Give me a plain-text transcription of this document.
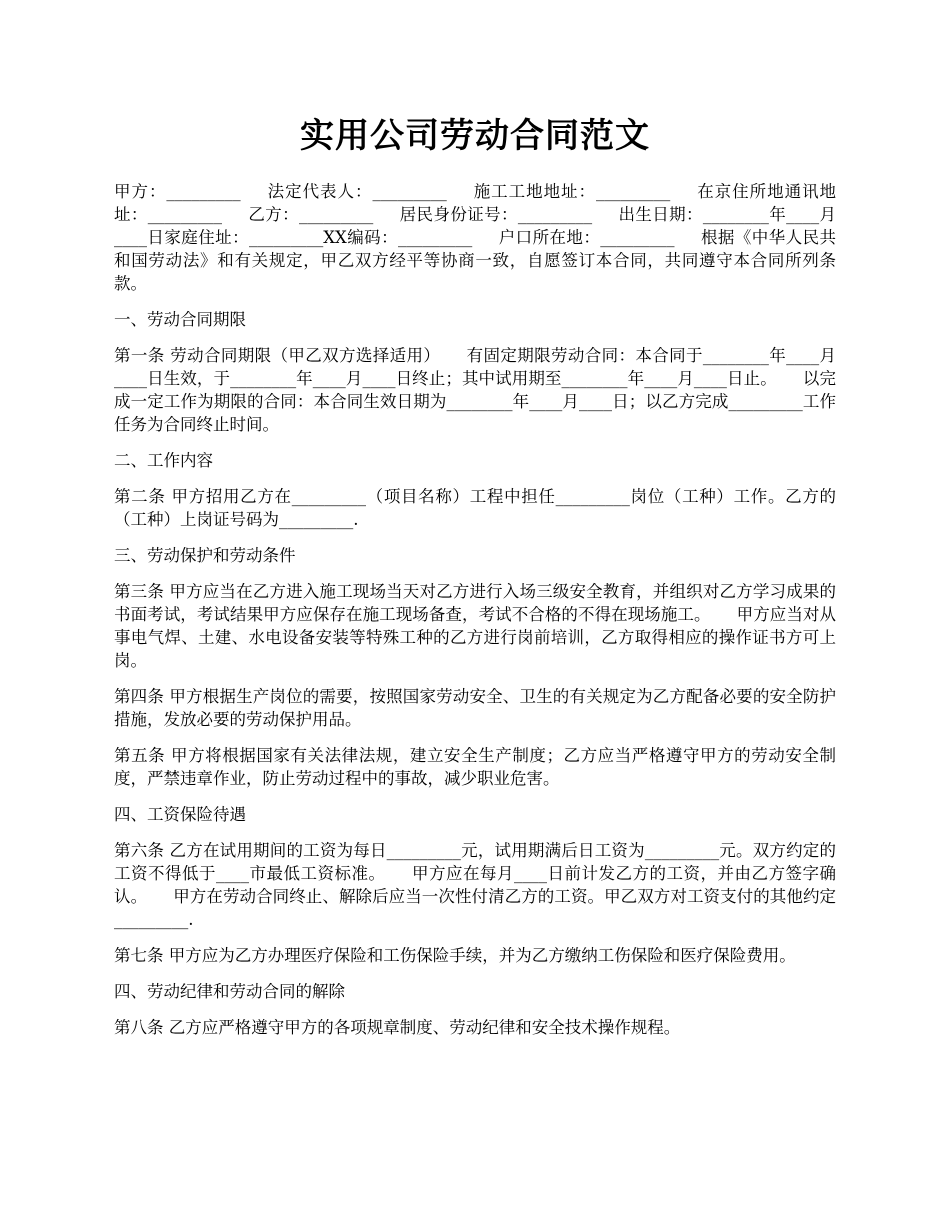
实用公司劳动合同范文
甲方：_________ 法定代表人：_________ 施工工地地址：_________ 在京住所地通讯地址：_________ 乙方：_________ 居民身份证号：_________ 出生日期：________年____月____日家庭住址：_________XX编码：_________ 户口所在地：_________ 根据《中华人民共和国劳动法》和有关规定，甲乙双方经平等协商一致，自愿签订本合同，共同遵守本合同所列条款。
一、劳动合同期限
第一条 劳动合同期限（甲乙双方选择适用） 有固定期限劳动合同：本合同于________年____月____日生效，于________年____月____日终止；其中试用期至________年____月____日止。 以完成一定工作为期限的合同：本合同生效日期为________年____月____日；以乙方完成_________工作任务为合同终止时间。
二、工作内容
第二条 甲方招用乙方在_________（项目名称）工程中担任_________岗位（工种）工作。乙方的（工种）上岗证号码为_________.
三、劳动保护和劳动条件
第三条 甲方应当在乙方进入施工现场当天对乙方进行入场三级安全教育，并组织对乙方学习成果的书面考试，考试结果甲方应保存在施工现场备查，考试不合格的不得在现场施工。 甲方应当对从事电气焊、土建、水电设备安装等特殊工种的乙方进行岗前培训，乙方取得相应的操作证书方可上岗。
第四条 甲方根据生产岗位的需要，按照国家劳动安全、卫生的有关规定为乙方配备必要的安全防护措施，发放必要的劳动保护用品。
第五条 甲方将根据国家有关法律法规，建立安全生产制度；乙方应当严格遵守甲方的劳动安全制度，严禁违章作业，防止劳动过程中的事故，减少职业危害。
四、工资保险待遇
第六条 乙方在试用期间的工资为每日_________元，试用期满后日工资为_________元。双方约定的工资不得低于____市最低工资标准。 甲方应在每月____日前计发乙方的工资，并由乙方签字确认。 甲方在劳动合同终止、解除后应当一次性付清乙方的工资。甲乙双方对工资支付的其他约定_________.
第七条 甲方应为乙方办理医疗保险和工伤保险手续，并为乙方缴纳工伤保险和医疗保险费用。
四、劳动纪律和劳动合同的解除
第八条 乙方应严格遵守甲方的各项规章制度、劳动纪律和安全技术操作规程。
